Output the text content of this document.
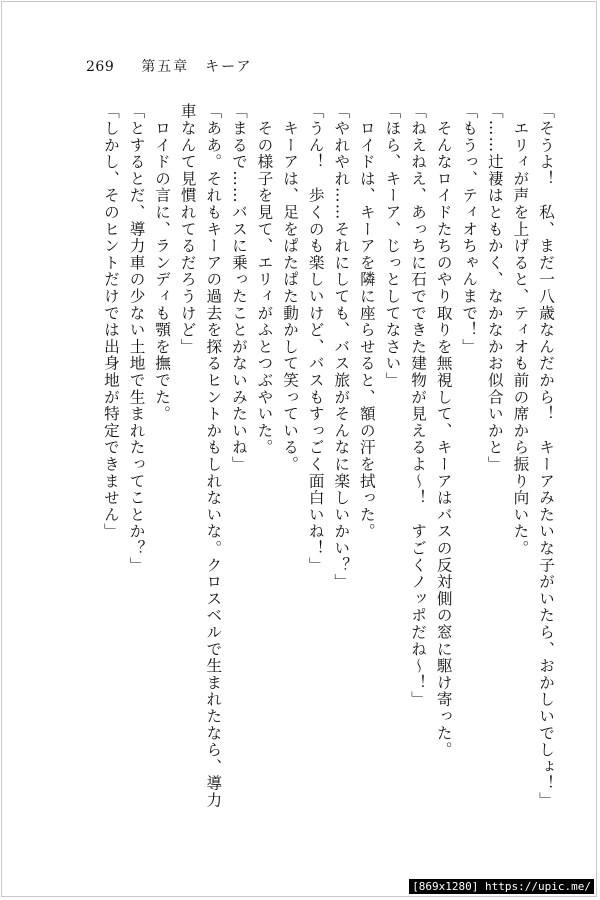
269 第五章　キーア

「そうよ！　私、まだ一八歳なんだから！　キーアみたいな子がいたら、おかしいでしょ！」

　エリィが声を上げると、ティオも前の席から振り向いた。

「……辻褄はともかく、なかなかお似合いかと」

「もうっ、ティオちゃんまで！」

　そんなロイドたちのやり取りを無視して、キーアはバスの反対側の窓に駆け寄った。

「ねえねえ、あっちに石でできた建物が見えるよ～！　すごくノッポだね～！」

「ほら、キーア、じっとしてなさい」

　ロイドは、キーアを隣に座らせると、額の汗を拭った。

「やれやれ……それにしても、バス旅がそんなに楽しいかい？」

「うん！　歩くのも楽しいけど、バスもすっごく面白いね！」

　キーアは、足をぱたぱた動かして笑っている。

　その様子を見て、エリィがふとつぶやいた。

「まるで……バスに乗ったことがないみたいね」

「ああ。それもキーアの過去を探るヒントかもしれないな。クロスベルで生まれたなら、導力

車なんて見慣れてるだろうけど」

　ロイドの言に、ランディも顎を撫でた。

「とするとだ、導力車の少ない土地で生まれたってことか？」

「しかし、そのヒントだけでは出身地が特定できません」

[869x1280] https://upic.me/
